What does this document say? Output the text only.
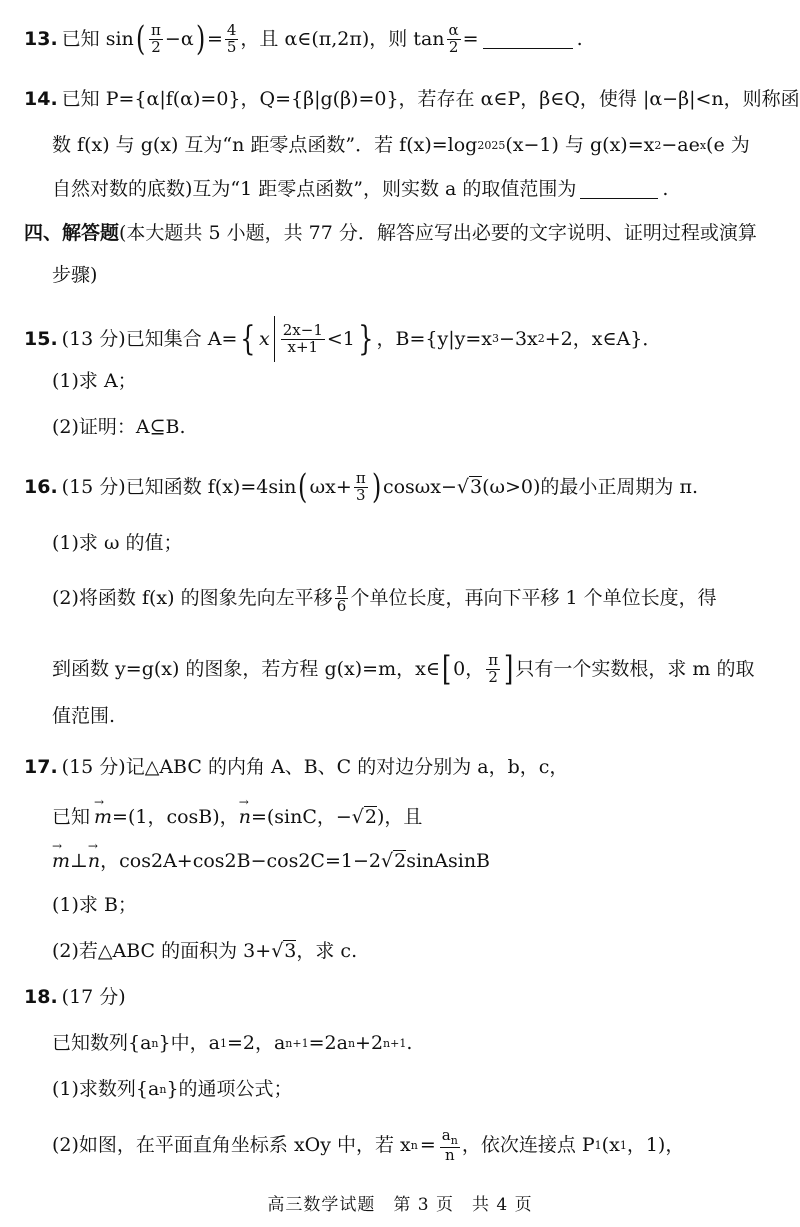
13. 已知 sin ( $\frac{\pi}{2} -\alpha$ ) = $\frac{4}{5}$ ，且 α∈(π,2π)，则 $\tan \frac{\alpha}{2}$ =	.
14. 已知 P={α|f(α)=0}，Q={β|g(β)=0}，若存在 α∈P，β∈Q，使得 |α−β|<n，则称函
数 f(x) 与 g(x) 互为“n 距零点函数”．若 f(x)=log 2025 (x−1) 与 g(x)=x 2 −ae x (e 为
自然对数的底数)互为“1 距零点函数”，则实数 a 的取值范围为	.
四、解答题 (本大题共 5 小题，共 77 分．解答应写出必要的文字说明、证明过程或演算
步骤)
15. (13 分)已知集合 A= { x $\frac{2x-1}{x+1} <1$ } ，B={y|y=x 3 −3x 2 +2，x∈A}．
(1)求 A；
(2)证明：A⊆B.
16. (15 分)已知函数 f(x)=4sin ( $\omega x+ \frac{\pi}{3}$ ) cosωx− √ 3 (ω>0)的最小正周期为 π.
(1)求 ω 的值；
(2)将函数 f(x) 的图象先向左平移 $\frac{\pi}{6}$ 个单位长度，再向下平移 1 个单位长度，得
到函数 y=g(x) 的图象，若方程 g(x)=m，x∈ [ 0， $\frac{\pi}{2}$ ] 只有一个实数根，求 m 的取
值范围.
17. (15 分)记△ABC 的内角 A、B、C 的对边分别为 a，b，c，
已知 → m =(1，cosB)， → n =(sinC，− √ 2 )，且
→ m ⊥ → n ，cos2A+cos2B−cos2C=1−2 √ 2 sinAsinB
(1)求 B；
(2)若△ABC 的面积为 3+ √ 3 ，求 c.
18. (17 分)
已知数列{a n }中，a 1 =2，a n+1 =2a n +2 n+1 .
(1)求数列{a n }的通项公式；
(2)如图，在平面直角坐标系 xOy 中，若 x $n = \frac{a_n}{n}$ ，依次连接点 P 1 (x 1 ，1)，
高三数学试题　第 3 页　共 4 页
